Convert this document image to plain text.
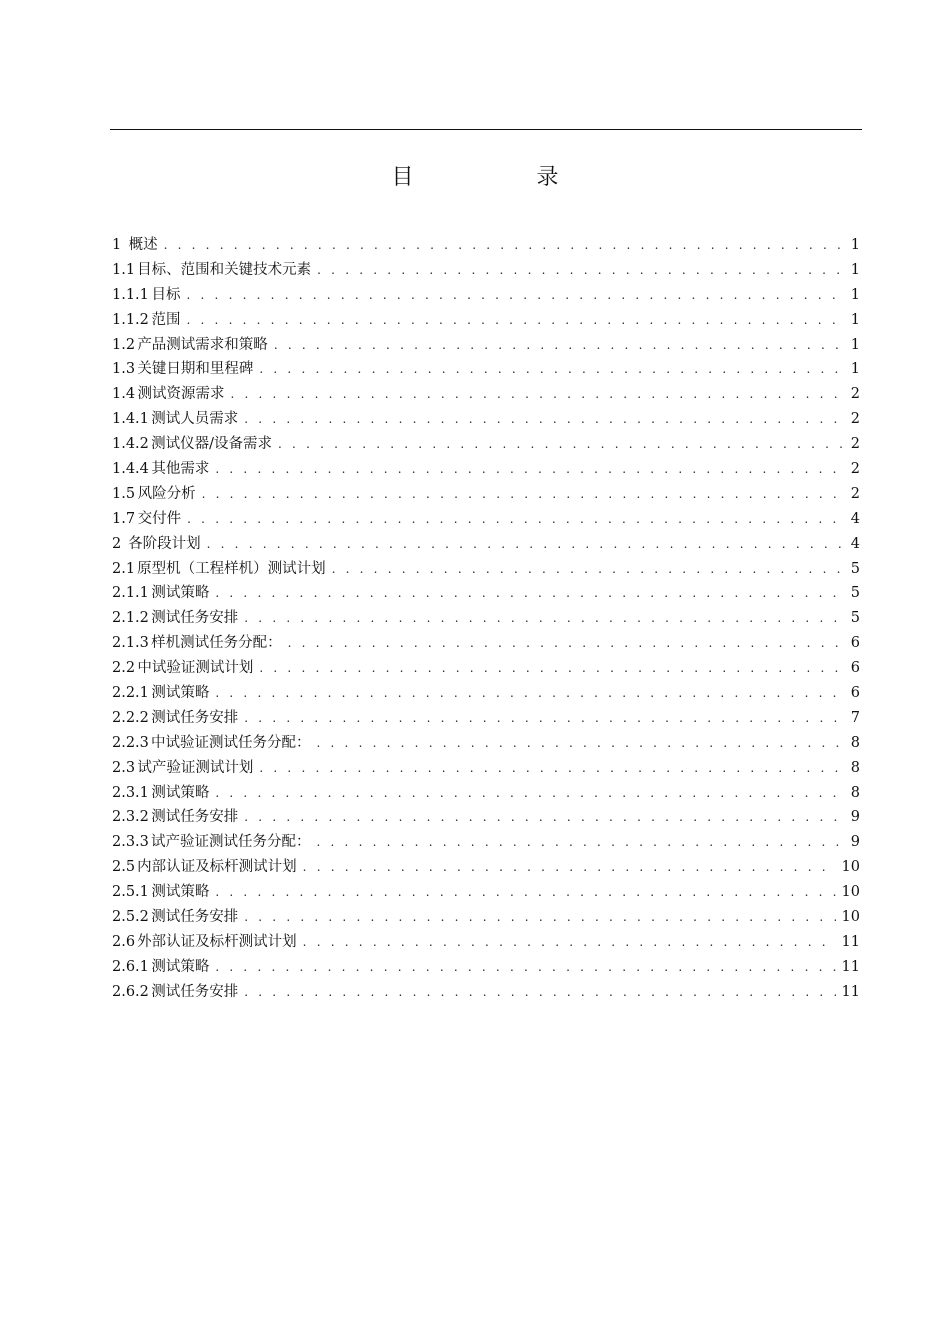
目 录
1 概述 . . .	1
1.1 目标、范围和关键技术元素 . . .	1
1.1.1 目标 . . .	1
1.1.2 范围 . . .	1
1.2 产品测试需求和策略 . . .	1
1.3 关键日期和里程碑 . . .	1
1.4 测试资源需求 . . .	2
1.4.1 测试人员需求 . . .	2
1.4.2 测试仪器/设备需求 . . .	2
1.4.4 其他需求 . . .	2
1.5 风险分析 . . .	2
1.7 交付件 . . .	4
2 各阶段计划 . . .	4
2.1 原型机（工程样机）测试计划 . . .	5
2.1.1 测试策略 . . .	5
2.1.2 测试任务安排 . . .	5
2.1.3 样机测试任务分配： . . .	6
2.2 中试验证测试计划 . . .	6
2.2.1 测试策略 . . .	6
2.2.2 测试任务安排 . . .	7
2.2.3 中试验证测试任务分配： . . .	8
2.3 试产验证测试计划 . . .	8
2.3.1 测试策略 . . .	8
2.3.2 测试任务安排 . . .	9
2.3.3 试产验证测试任务分配： . . .	9
2.5 内部认证及标杆测试计划 . . .	10
2.5.1 测试策略 . . .	10
2.5.2 测试任务安排 . . .	10
2.6 外部认证及标杆测试计划 . . .	11
2.6.1 测试策略 . . .	11
2.6.2 测试任务安排 . . .	11
